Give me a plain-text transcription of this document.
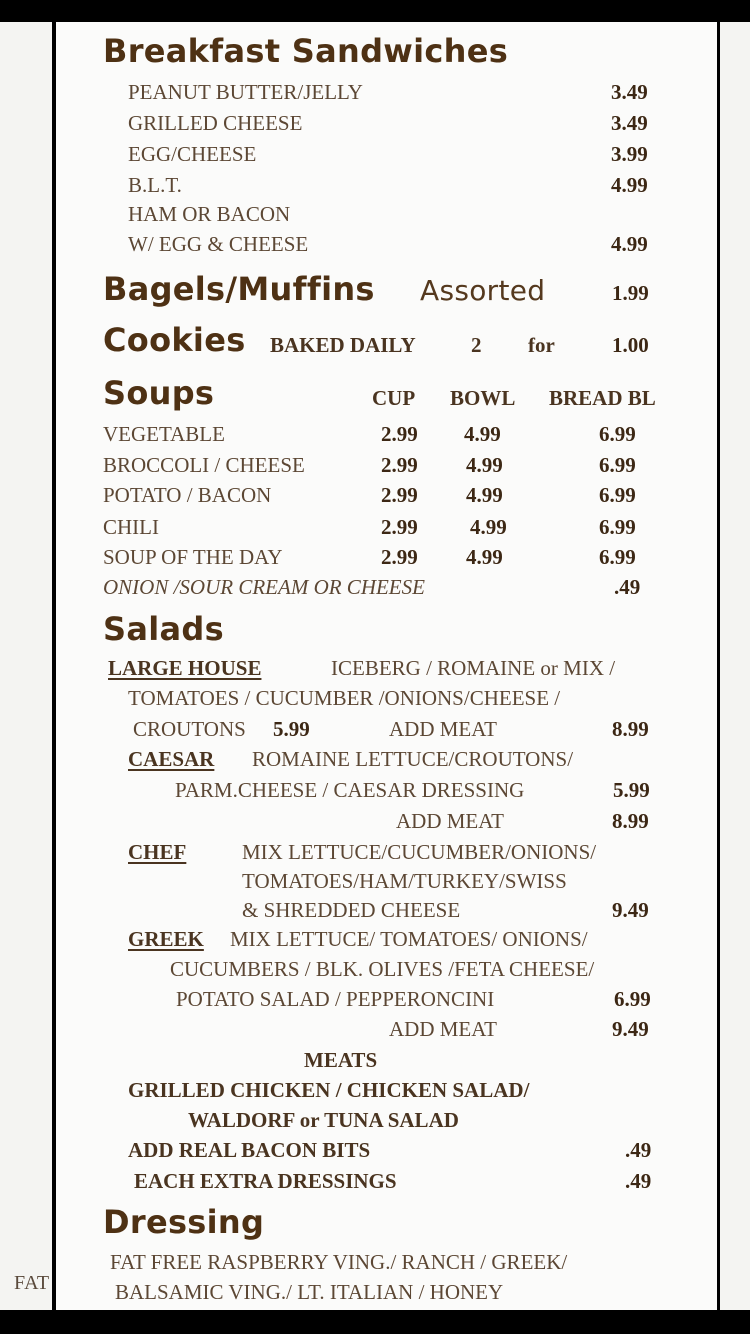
FAT
Breakfast Sandwiches
PEANUT BUTTER/JELLY	3.49
GRILLED CHEESE	3.49
EGG/CHEESE	3.99
B.L.T.	4.99
HAM OR BACON
W/ EGG & CHEESE	4.99
Bagels/Muffins Assorted	1.99
Cookies BAKED DAILY	2 for	1.00
Soups	CUP BOWL BREAD BL
VEGETABLE	2.99 4.99	6.99
BROCCOLI / CHEESE	2.99 4.99	6.99
POTATO / BACON	2.99 4.99	6.99
CHILI	2.99 4.99	6.99
SOUP OF THE DAY	2.99 4.99	6.99
ONION /SOUR CREAM OR CHEESE	.49
Salads
LARGE HOUSE	ICEBERG / ROMAINE or MIX /
TOMATOES / CUCUMBER /ONIONS/CHEESE /
CROUTONS 5.99	ADD MEAT	8.99
CAESAR ROMAINE LETTUCE/CROUTONS/
PARM.CHEESE / CAESAR DRESSING	5.99
ADD MEAT	8.99
CHEF	MIX LETTUCE/CUCUMBER/ONIONS/
TOMATOES/HAM/TURKEY/SWISS
& SHREDDED CHEESE	9.49
GREEK MIX LETTUCE/ TOMATOES/ ONIONS/
CUCUMBERS / BLK. OLIVES /FETA CHEESE/
POTATO SALAD / PEPPERONCINI	6.99
ADD MEAT	9.49
MEATS
GRILLED CHICKEN / CHICKEN SALAD/
WALDORF or TUNA SALAD
ADD REAL BACON BITS	.49
EACH EXTRA DRESSINGS	.49
Dressing
FAT FREE RASPBERRY VING./ RANCH / GREEK/
BALSAMIC VING./ LT. ITALIAN / HONEY
